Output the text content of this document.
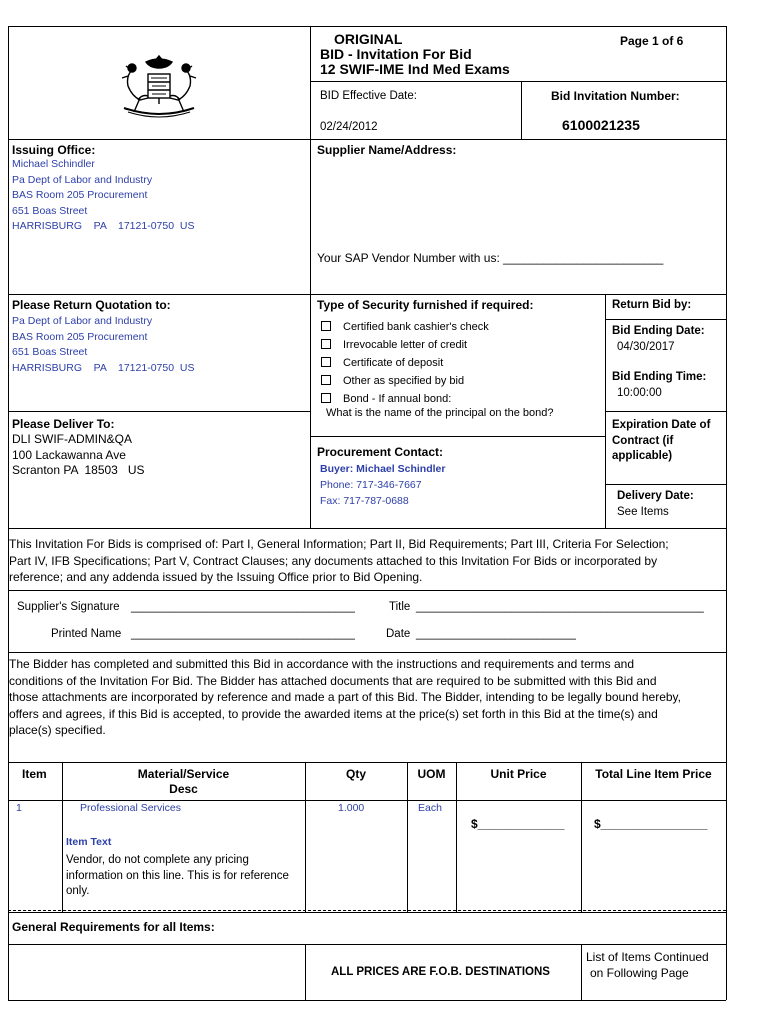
ORIGINAL
BID - Invitation For Bid
12 SWIF-IME Ind Med Exams
Page 1 of 6
BID Effective Date:
02/24/2012
Bid Invitation Number:
6100021235
Issuing Office:
Michael Schindler
Pa Dept of Labor and Industry
BAS Room 205 Procurement
651 Boas Street
HARRISBURG    PA    17121-0750  US
Supplier Name/Address:
Your SAP Vendor Number with us: ________________________
Please Return Quotation to:
Pa Dept of Labor and Industry
BAS Room 205 Procurement
651 Boas Street
HARRISBURG    PA    17121-0750  US
Type of Security furnished if required:
Certified bank cashier's check
Irrevocable letter of credit
Certificate of deposit
Other as specified by bid
Bond - If annual bond:
What is the name of the principal on the bond?
Return Bid by:
Bid Ending Date:
04/30/2017
Bid Ending Time:
10:00:00
Expiration Date of
Contract (if
applicable)
Delivery Date:
See Items
Please Deliver To:
DLI SWIF-ADMIN&QA
100 Lackawanna Ave
Scranton PA  18503   US
Procurement Contact:
Buyer: Michael Schindler
Phone: 717-346-7667
Fax: 717-787-0688
This Invitation For Bids is comprised of: Part I, General Information; Part II, Bid Requirements; Part III, Criteria For Selection;
Part IV, IFB Specifications; Part V, Contract Clauses; any documents attached to this Invitation For Bids or incorporated by
reference; and any addenda issued by the Issuing Office prior to Bid Opening.
Supplier's Signature ___________________________________	Title _____________________________________________
Printed Name ___________________________________	Date _________________________
The Bidder has completed and submitted this Bid in accordance with the instructions and requirements and terms and
conditions of the Invitation For Bid. The Bidder has attached documents that are required to be submitted with this Bid and
those attachments are incorporated by reference and made a part of this Bid. The Bidder, intending to be legally bound hereby,
offers and agrees, if this Bid is accepted, to provide the awarded items at the price(s) set forth in this Bid at the time(s) and
place(s) specified.
Item	Material/Service
Desc
Qty	UOM	Unit Price	Total Line Item Price
1	Professional Services	1.000	Each
$_____________ $________________
Item Text
Vendor, do not complete any pricing
information on this line. This is for reference
only.
General Requirements for all Items:
ALL PRICES ARE F.O.B. DESTINATIONS
List of Items Continued
on Following Page
